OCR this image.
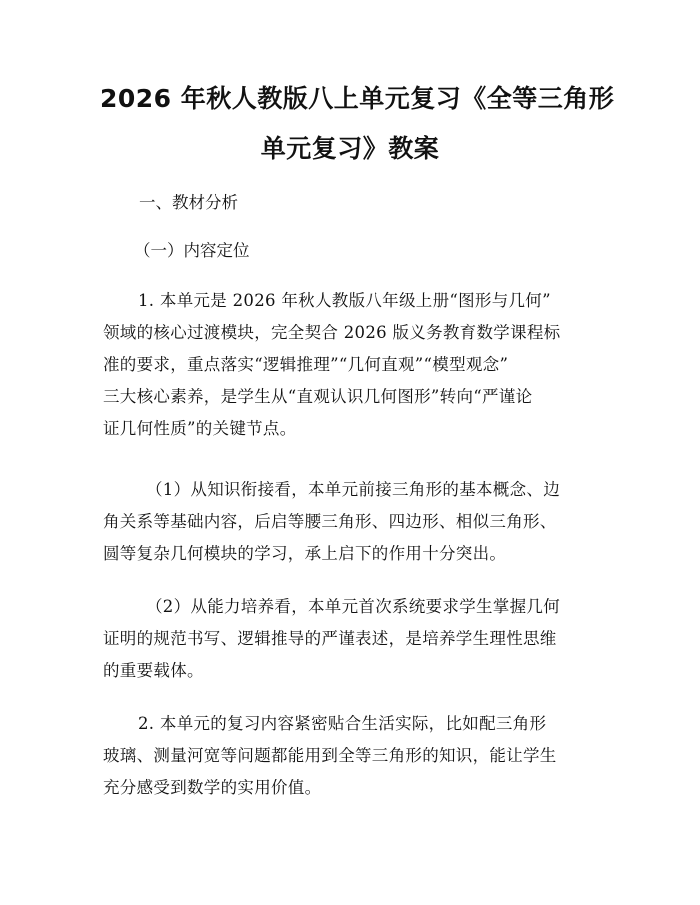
2026 年秋人教版八上单元复习《全等三角形
单元复习》教案

一、教材分析

（一）内容定位

1. 本单元是 2026 年秋人教版八年级上册“图形与几何”
领域的核心过渡模块，完全契合 2026 版义务教育数学课程标
准的要求，重点落实“逻辑推理”“几何直观”“模型观念”
三大核心素养，是学生从“直观认识几何图形”转向“严谨论
证几何性质”的关键节点。
（1）从知识衔接看，本单元前接三角形的基本概念、边
角关系等基础内容，后启等腰三角形、四边形、相似三角形、
圆等复杂几何模块的学习，承上启下的作用十分突出。
（2）从能力培养看，本单元首次系统要求学生掌握几何
证明的规范书写、逻辑推导的严谨表述，是培养学生理性思维
的重要载体。
2. 本单元的复习内容紧密贴合生活实际，比如配三角形
玻璃、测量河宽等问题都能用到全等三角形的知识，能让学生
充分感受到数学的实用价值。
